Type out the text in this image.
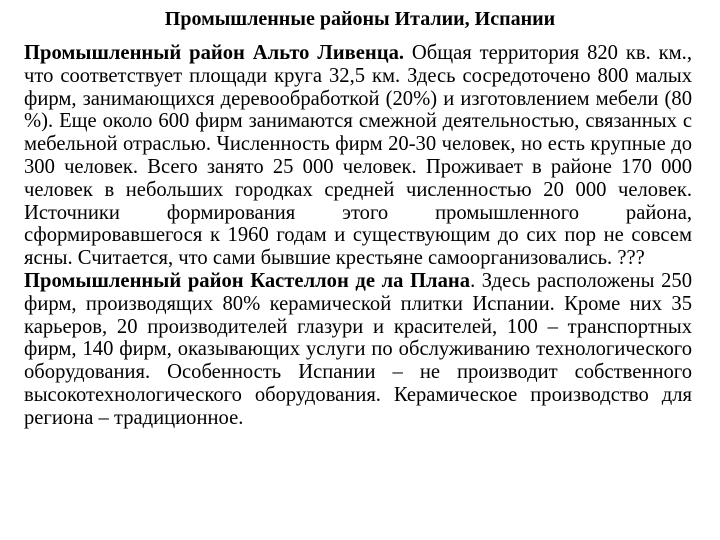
Промышленные районы Италии, Испании

Промышленный район Альто Ливенца. Общая территория 820 кв. км., что соответствует площади круга 32,5 км. Здесь сосредоточено 800 малых фирм, занимающихся деревообработкой (20%) и изготовлением мебели (80 %). Еще около 600 фирм занимаются смежной деятельностью, связанных с мебельной отраслью. Численность фирм 20-30 человек, но есть крупные до 300 человек. Всего занято 25 000 человек. Проживает в районе 170 000 человек в небольших городках средней численностью 20 000 человек. Источники формирования этого промышленного района, сформировавшегося к 1960 годам и существующим до сих пор не совсем ясны. Считается, что сами бывшие крестьяне самоорганизовались. ???

Промышленный район Кастеллон де ла Плана. Здесь расположены 250 фирм, производящих 80% керамической плитки Испании. Кроме них 35 карьеров, 20 производителей глазури и красителей, 100 – транспортных фирм, 140 фирм, оказывающих услуги по обслуживанию технологического оборудования. Особенность Испании – не производит собственного высокотехнологического оборудования. Керамическое производство для региона – традиционное.
